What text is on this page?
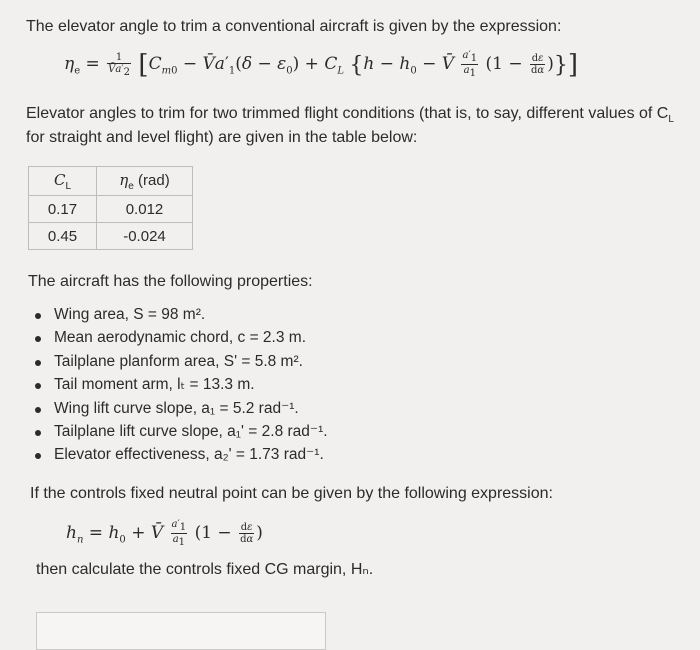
The elevator angle to trim a conventional aircraft is given by the expression:
$\eta_e = \frac{1}{V̄a'_2} [C_{m0}$ − $V̄a'_1(\delta - \varepsilon_0) + C_L$ {$h - h_0$ − V̄ $\frac{a'_1}{a_1} (1 - \frac{d\varepsilon}{d\alpha}$ )}]
Elevator angles to trim for two trimmed flight conditions (that is, to say, different values of $C_L$
for straight and level flight) are given in the table below:
$C_L$	$\eta_e$ (rad)
0.17	0.012
0.45	-0.024
The aircraft has the following properties:
Wing area, S = 98 m².
Mean aerodynamic chord, c = 2.3 m.
Tailplane planform area, S' = 5.8 m².
Tail moment arm, lₜ = 13.3 m.
Wing lift curve slope, a₁ = 5.2 rad⁻¹.
Tailplane lift curve slope, a₁' = 2.8 rad⁻¹.
Elevator effectiveness, a₂' = 1.73 rad⁻¹.
If the controls fixed neutral point can be given by the following expression:
$h_n = h_0$ + V̄ $\frac{a'_1}{a_1} (1 - \frac{d\varepsilon}{d\alpha}$ )
then calculate the controls fixed CG margin, Hₙ.
